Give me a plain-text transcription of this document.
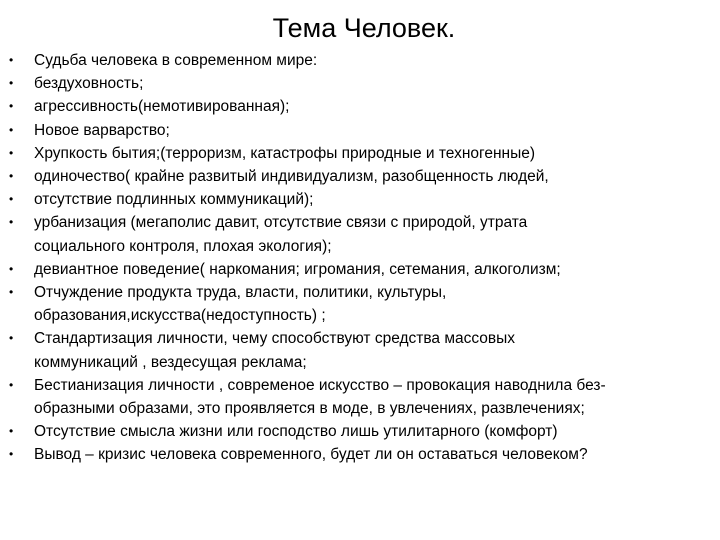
Тема Человек.
• Судьба человека в современном мире:
• бездуховность;
• агрессивность(немотивированная);
• Новое варварство;
• Хрупкость бытия;(терроризм, катастрофы природные и техногенные)
• одиночество( крайне развитый индивидуализм, разобщенность людей,
• отсутствие подлинных коммуникаций);
• урбанизация (мегаполис давит, отсутствие связи с природой, утрата
социального контроля, плохая экология);
• девиантное поведение( наркомания; игромания, сетемания, алкоголизм;
• Отчуждение продукта труда, власти, политики, культуры,
образования,искусства(недоступность) ;
• Стандартизация личности, чему способствуют средства массовых
коммуникаций , вездесущая реклама;
• Бестианизация личности , современое искусство – провокация наводнила без-
образными образами, это проявляется в моде, в увлечениях, развлечениях;
• Отсутствие смысла жизни или господство лишь утилитарного (комфорт)
• Вывод – кризис человека современного, будет ли он оставаться человеком?
